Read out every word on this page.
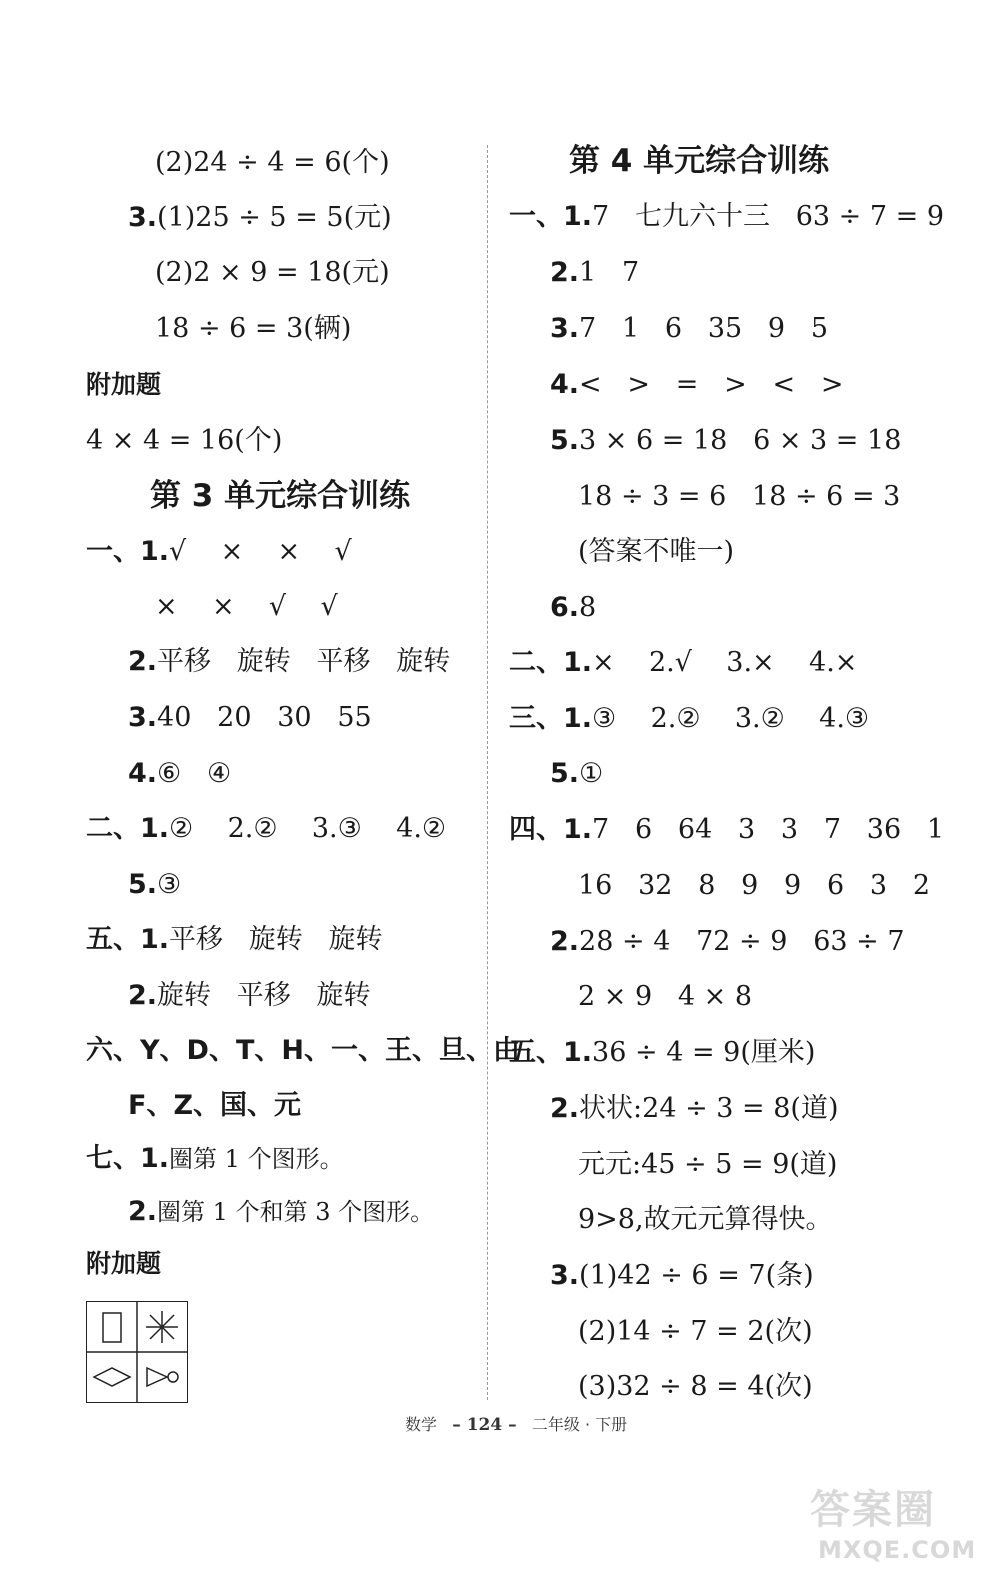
(2)24 ÷ 4 = 6(个)
3.(1)25 ÷ 5 = 5(元)
(2)2 × 9 = 18(元)
18 ÷ 6 = 3(辆)
附加题
4 × 4 = 16(个)
第 3 单元综合训练
一、1.√    ×    ×    √
×    ×    √    √
2.平移   旋转   平移   旋转
3.40   20   30   55
4.⑥   ④
二、1.②    2.②    3.③    4.②
5.③
五、1.平移   旋转   旋转
2.旋转   平移   旋转
六、Y、D、T、H、一、王、旦、由
F、Z、国、元
七、1.圈第 1 个图形。
2.圈第 1 个和第 3 个图形。
附加题
第 4 单元综合训练
一、1.7   七九六十三   63 ÷ 7 = 9
2.1   7
3.7   1   6   35   9   5
4.<   >   =   >   <   >
5.3 × 6 = 18   6 × 3 = 18
18 ÷ 3 = 6   18 ÷ 6 = 3
(答案不唯一)
6.8
二、1.×    2.√    3.×    4.×
三、1.③    2.②    3.②    4.③
5.①
四、1.7   6   64   3   3   7   36   1
16   32   8   9   9   6   3   2
2.28 ÷ 4   72 ÷ 9   63 ÷ 7
2 × 9   4 × 8
五、1.36 ÷ 4 = 9(厘米)
2.状状:24 ÷ 3 = 8(道)
元元:45 ÷ 5 = 9(道)
9>8,故元元算得快。
3.(1)42 ÷ 6 = 7(条)
(2)14 ÷ 7 = 2(次)
(3)32 ÷ 8 = 4(次)
数学 – 124 – 二年级 · 下册
答案圈
MXQE.COM
